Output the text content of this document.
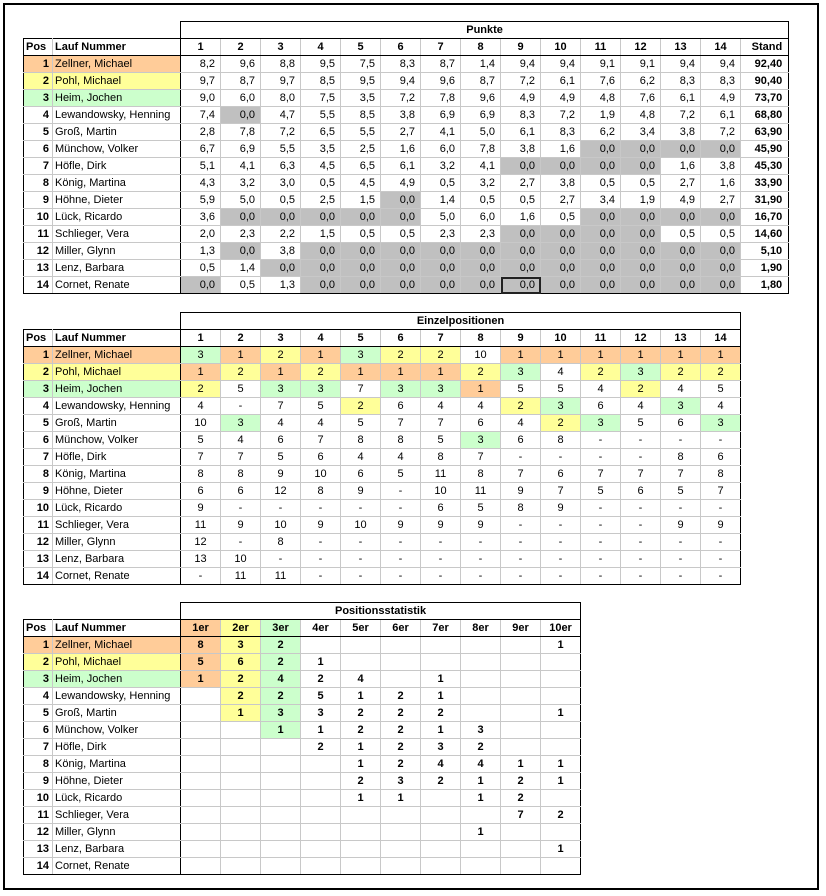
		Punkte														
Pos	Lauf Nummer	1	2	3	4	5	6	7	8	9	10	11	12	13	14	Stand
1	Zellner, Michael	8,2	9,6	8,8	9,5	7,5	8,3	8,7	1,4	9,4	9,4	9,1	9,1	9,4	9,4	92,40
2	Pohl, Michael	9,7	8,7	9,7	8,5	9,5	9,4	9,6	8,7	7,2	6,1	7,6	6,2	8,3	8,3	90,40
3	Heim, Jochen	9,0	6,0	8,0	7,5	3,5	7,2	7,8	9,6	4,9	4,9	4,8	7,6	6,1	4,9	73,70
4	Lewandowsky, Henning	7,4	0,0	4,7	5,5	8,5	3,8	6,9	6,9	8,3	7,2	1,9	4,8	7,2	6,1	68,80
5	Groß, Martin	2,8	7,8	7,2	6,5	5,5	2,7	4,1	5,0	6,1	8,3	6,2	3,4	3,8	7,2	63,90
6	Münchow, Volker	6,7	6,9	5,5	3,5	2,5	1,6	6,0	7,8	3,8	1,6	0,0	0,0	0,0	0,0	45,90
7	Höfle, Dirk	5,1	4,1	6,3	4,5	6,5	6,1	3,2	4,1	0,0	0,0	0,0	0,0	1,6	3,8	45,30
8	König, Martina	4,3	3,2	3,0	0,5	4,5	4,9	0,5	3,2	2,7	3,8	0,5	0,5	2,7	1,6	33,90
9	Höhne, Dieter	5,9	5,0	0,5	2,5	1,5	0,0	1,4	0,5	0,5	2,7	3,4	1,9	4,9	2,7	31,90
10	Lück, Ricardo	3,6	0,0	0,0	0,0	0,0	0,0	5,0	6,0	1,6	0,5	0,0	0,0	0,0	0,0	16,70
11	Schlieger, Vera	2,0	2,3	2,2	1,5	0,5	0,5	2,3	2,3	0,0	0,0	0,0	0,0	0,5	0,5	14,60
12	Miller, Glynn	1,3	0,0	3,8	0,0	0,0	0,0	0,0	0,0	0,0	0,0	0,0	0,0	0,0	0,0	5,10
13	Lenz, Barbara	0,5	1,4	0,0	0,0	0,0	0,0	0,0	0,0	0,0	0,0	0,0	0,0	0,0	0,0	1,90
14	Cornet, Renate	0,0	0,5	1,3	0,0	0,0	0,0	0,0	0,0	0,0	0,0	0,0	0,0	0,0	0,0	1,80
		Einzelpositionen													
Pos	Lauf Nummer	1	2	3	4	5	6	7	8	9	10	11	12	13	14
1	Zellner, Michael	3	1	2	1	3	2	2	10	1	1	1	1	1	1
2	Pohl, Michael	1	2	1	2	1	1	1	2	3	4	2	3	2	2
3	Heim, Jochen	2	5	3	3	7	3	3	1	5	5	4	2	4	5
4	Lewandowsky, Henning	4	-	7	5	2	6	4	4	2	3	6	4	3	4
5	Groß, Martin	10	3	4	4	5	7	7	6	4	2	3	5	6	3
6	Münchow, Volker	5	4	6	7	8	8	5	3	6	8	-	-	-	-
7	Höfle, Dirk	7	7	5	6	4	4	8	7	-	-	-	-	8	6
8	König, Martina	8	8	9	10	6	5	11	8	7	6	7	7	7	8
9	Höhne, Dieter	6	6	12	8	9	-	10	11	9	7	5	6	5	7
10	Lück, Ricardo	9	-	-	-	-	-	6	5	8	9	-	-	-	-
11	Schlieger, Vera	11	9	10	9	10	9	9	9	-	-	-	-	9	9
12	Miller, Glynn	12	-	8	-	-	-	-	-	-	-	-	-	-	-
13	Lenz, Barbara	13	10	-	-	-	-	-	-	-	-	-	-	-	-
14	Cornet, Renate	-	11	11	-	-	-	-	-	-	-	-	-	-	-
		Positionsstatistik									
Pos	Lauf Nummer	1er	2er	3er	4er	5er	6er	7er	8er	9er	10er
1	Zellner, Michael	8	3	2							1
2	Pohl, Michael	5	6	2	1						
3	Heim, Jochen	1	2	4	2	4		1			
4	Lewandowsky, Henning		2	2	5	1	2	1			
5	Groß, Martin		1	3	3	2	2	2			1
6	Münchow, Volker			1	1	2	2	1	3		
7	Höfle, Dirk				2	1	2	3	2		
8	König, Martina					1	2	4	4	1	1
9	Höhne, Dieter					2	3	2	1	2	1
10	Lück, Ricardo					1	1		1	2	
11	Schlieger, Vera									7	2
12	Miller, Glynn								1		
13	Lenz, Barbara										1
14	Cornet, Renate										
